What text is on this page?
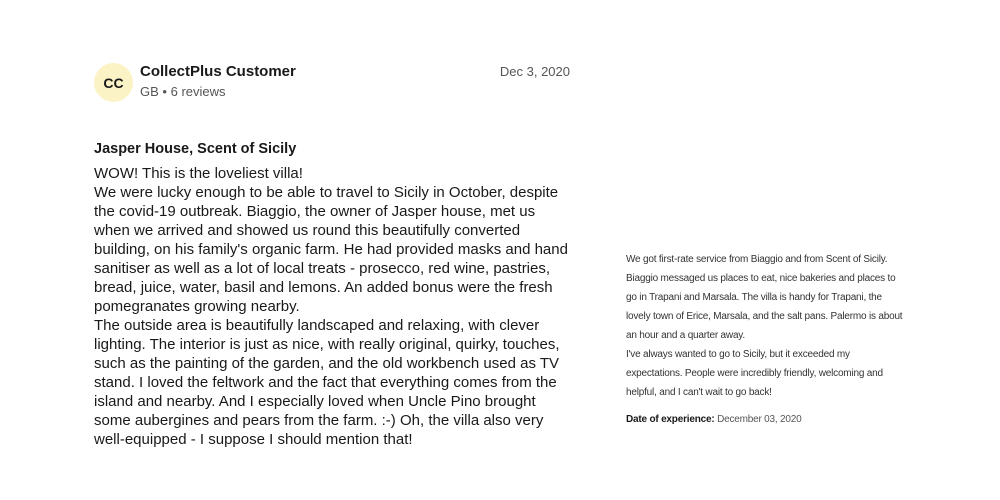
CC
CollectPlus Customer
GB • 6 reviews
Dec 3, 2020
Jasper House, Scent of Sicily

WOW! This is the loveliest villa!

We were lucky enough to be able to travel to Sicily in October, despite the covid-19 outbreak. Biaggio, the owner of Jasper house, met us when we arrived and showed us round this beautifully converted building, on his family's organic farm. He had provided masks and hand sanitiser as well as a lot of local treats - prosecco, red wine, pastries, bread, juice, water, basil and lemons. An added bonus were the fresh pomegranates growing nearby.

The outside area is beautifully landscaped and relaxing, with clever lighting. The interior is just as nice, with really original, quirky, touches, such as the painting of the garden, and the old workbench used as TV stand. I loved the feltwork and the fact that everything comes from the island and nearby. And I especially loved when Uncle Pino brought some aubergines and pears from the farm. :-) Oh, the villa also very well-equipped - I suppose I should mention that!

We got first-rate service from Biaggio and from Scent of Sicily. Biaggio messaged us places to eat, nice bakeries and places to go in Trapani and Marsala. The villa is handy for Trapani, the lovely town of Erice, Marsala, and the salt pans. Palermo is about an hour and a quarter away.

I've always wanted to go to Sicily, but it exceeded my expectations. People were incredibly friendly, welcoming and helpful, and I can't wait to go back!

Date of experience: December 03, 2020
